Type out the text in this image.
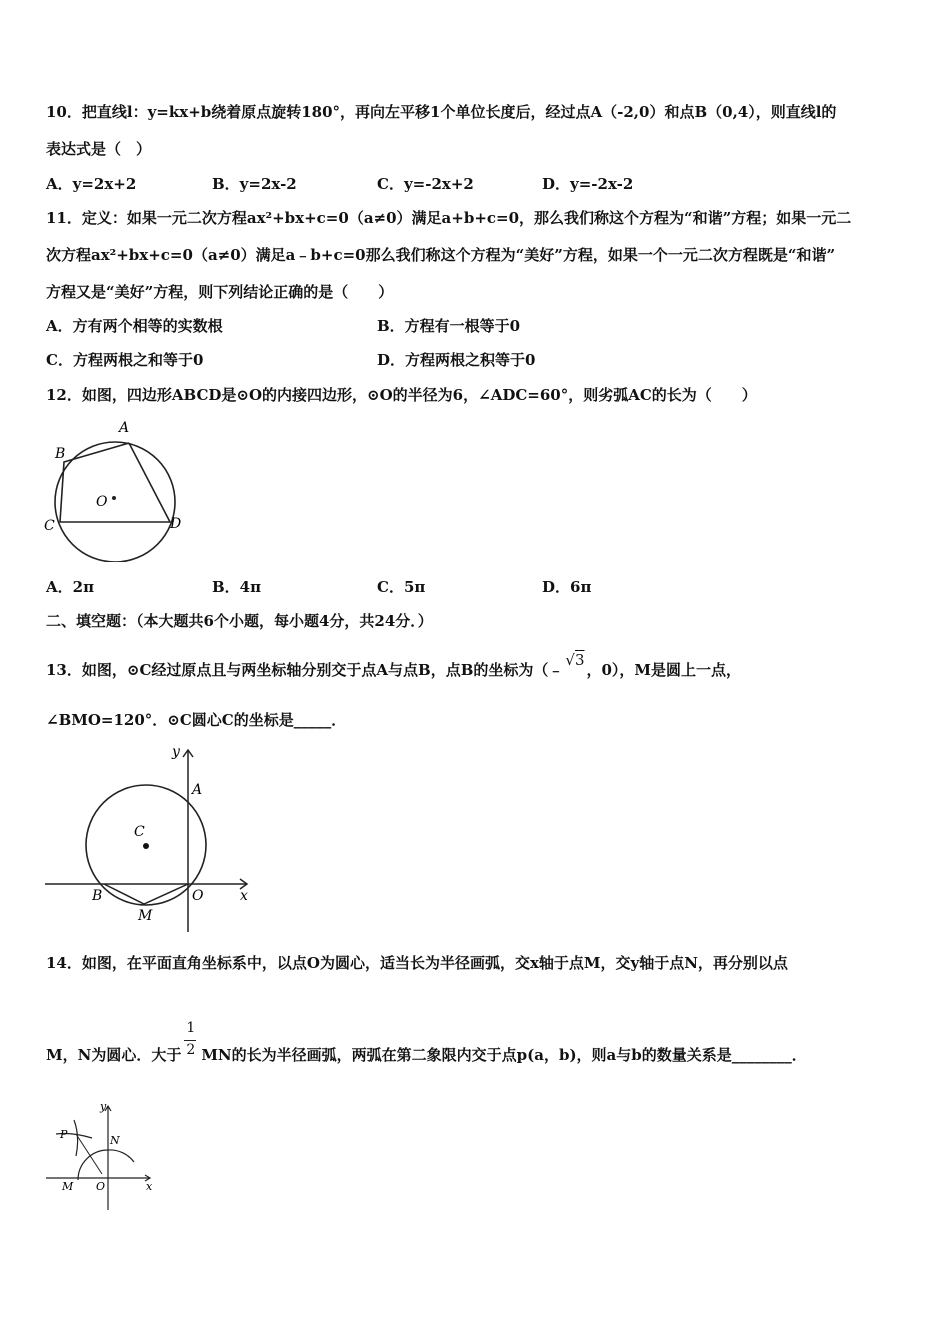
10．把直线l：y=kx+b绕着原点旋转180°，再向左平移1个单位长度后，经过点A（-2,0）和点B（0,4），则直线l的
表达式是（　）
A．y=2x+2	B．y=2x-2	C．y=-2x+2	D．y=-2x-2
11．定义：如果一元二次方程ax²+bx+c=0（a≠0）满足a+b+c=0，那么我们称这个方程为“和谐”方程；如果一元二
次方程ax²+bx+c=0（a≠0）满足a﹣b+c=0那么我们称这个方程为“美好”方程，如果一个一元二次方程既是“和谐”
方程又是“美好”方程，则下列结论正确的是（　　）
A．方有两个相等的实数根	B．方程有一根等于0
C．方程两根之和等于0	D．方程两根之积等于0
12．如图，四边形ABCD是⊙O的内接四边形，⊙O的半径为6，∠ADC=60°，则劣弧AC的长为（　　）
A
B
C	D
O
A．2π	B．4π	C．5π	D．6π
二、填空题：（本大题共6个小题，每小题4分，共24分．）
13．如图，⊙C经过原点且与两坐标轴分别交于点A与点B，点B的坐标为（﹣√3，0），M是圆上一点，
∠BMO=120°．⊙C圆心C的坐标是_____．
y
A
C
B	O	x
M
14．如图，在平面直角坐标系中，以点O为圆心，适当长为半径画弧，交x轴于点M，交y轴于点N，再分别以点
M，N为圆心．大于 $\frac{1}{2}$ MN的长为半径画弧，两弧在第二象限内交于点p(a，b)，则a与b的数量关系是________．
y
P	N
M O	x
